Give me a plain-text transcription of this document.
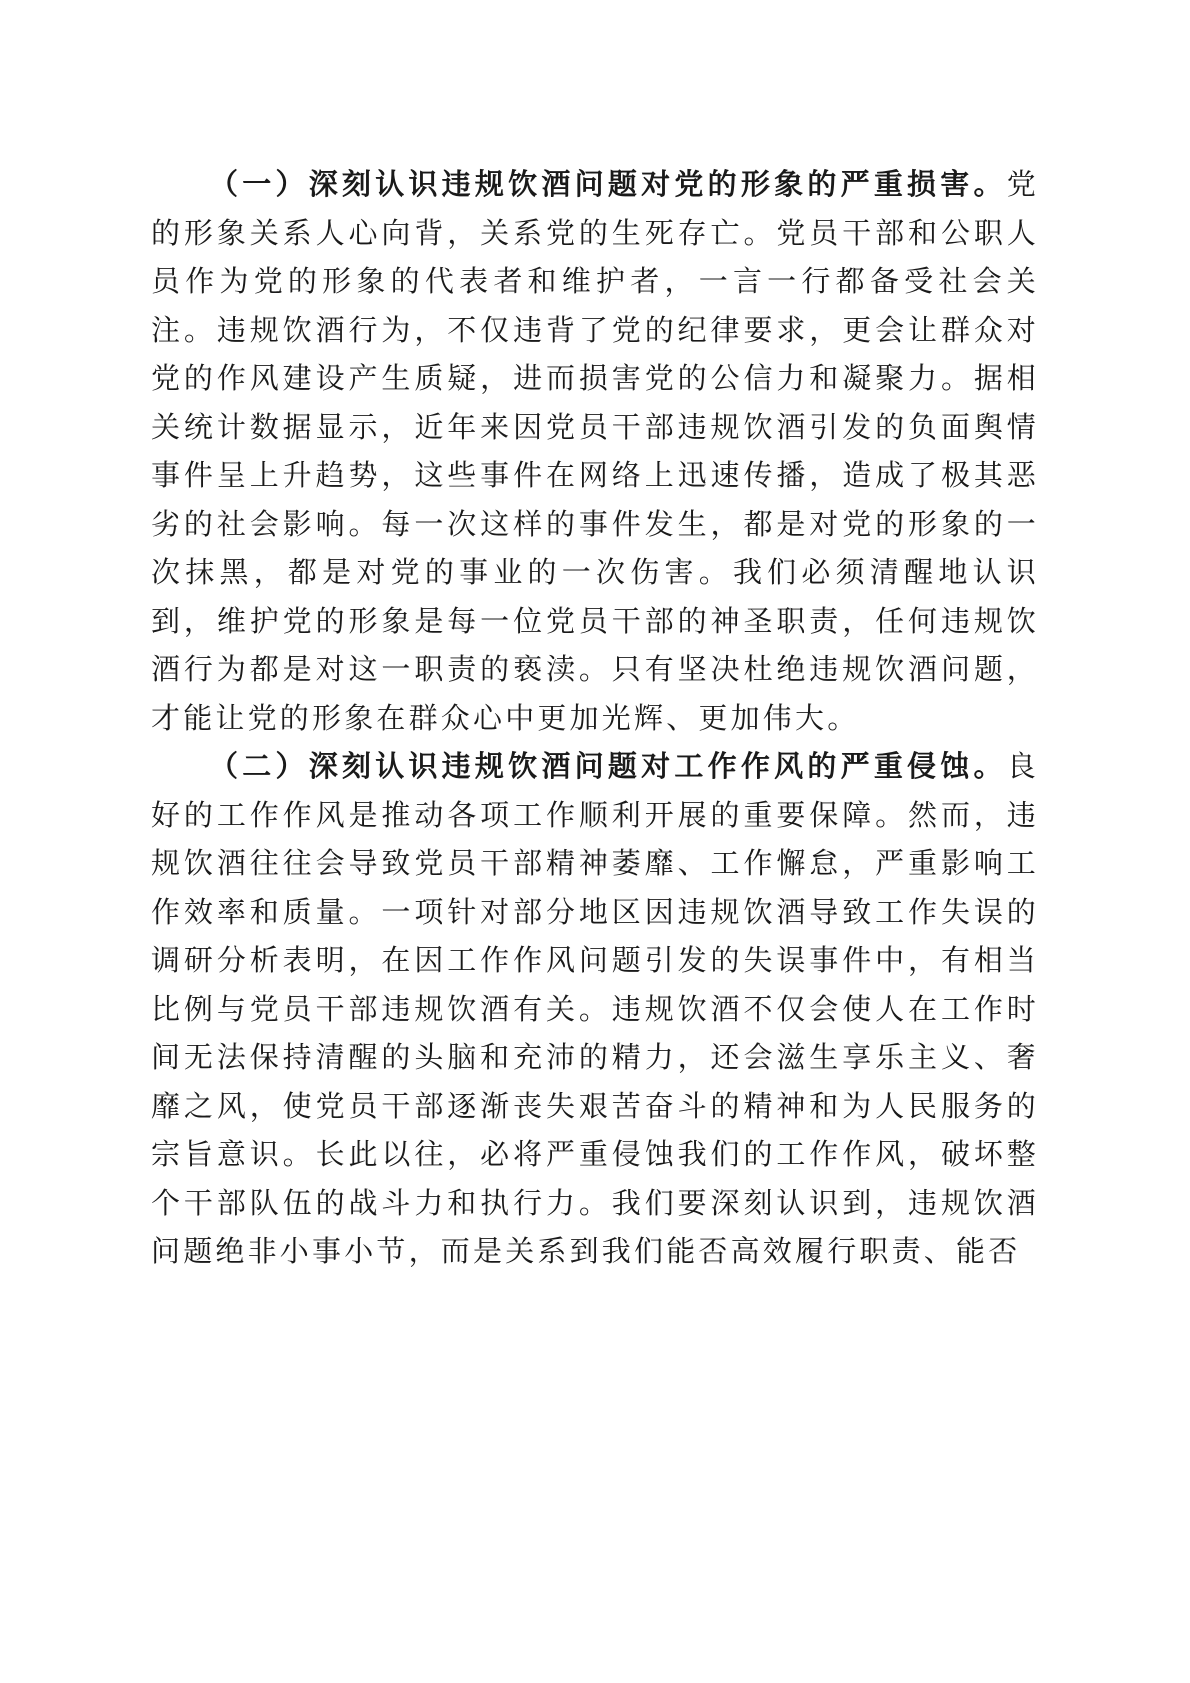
（一）深刻认识违规饮酒问题对党的形象的严重损害。党的形象关系人心向背，关系党的生死存亡。党员干部和公职人员作为党的形象的代表者和维护者，一言一行都备受社会关注。违规饮酒行为，不仅违背了党的纪律要求，更会让群众对党的作风建设产生质疑，进而损害党的公信力和凝聚力。据相关统计数据显示，近年来因党员干部违规饮酒引发的负面舆情事件呈上升趋势，这些事件在网络上迅速传播，造成了极其恶劣的社会影响。每一次这样的事件发生，都是对党的形象的一次抹黑，都是对党的事业的一次伤害。我们必须清醒地认识到，维护党的形象是每一位党员干部的神圣职责，任何违规饮酒行为都是对这一职责的亵渎。只有坚决杜绝违规饮酒问题，才能让党的形象在群众心中更加光辉、更加伟大。

（二）深刻认识违规饮酒问题对工作作风的严重侵蚀。良好的工作作风是推动各项工作顺利开展的重要保障。然而，违规饮酒往往会导致党员干部精神萎靡、工作懈怠，严重影响工作效率和质量。一项针对部分地区因违规饮酒导致工作失误的调研分析表明，在因工作作风问题引发的失误事件中，有相当比例与党员干部违规饮酒有关。违规饮酒不仅会使人在工作时间无法保持清醒的头脑和充沛的精力，还会滋生享乐主义、奢靡之风，使党员干部逐渐丧失艰苦奋斗的精神和为人民服务的宗旨意识。长此以往，必将严重侵蚀我们的工作作风，破坏整个干部队伍的战斗力和执行力。我们要深刻认识到，违规饮酒问题绝非小事小节，而是关系到我们能否高效履行职责、能否
